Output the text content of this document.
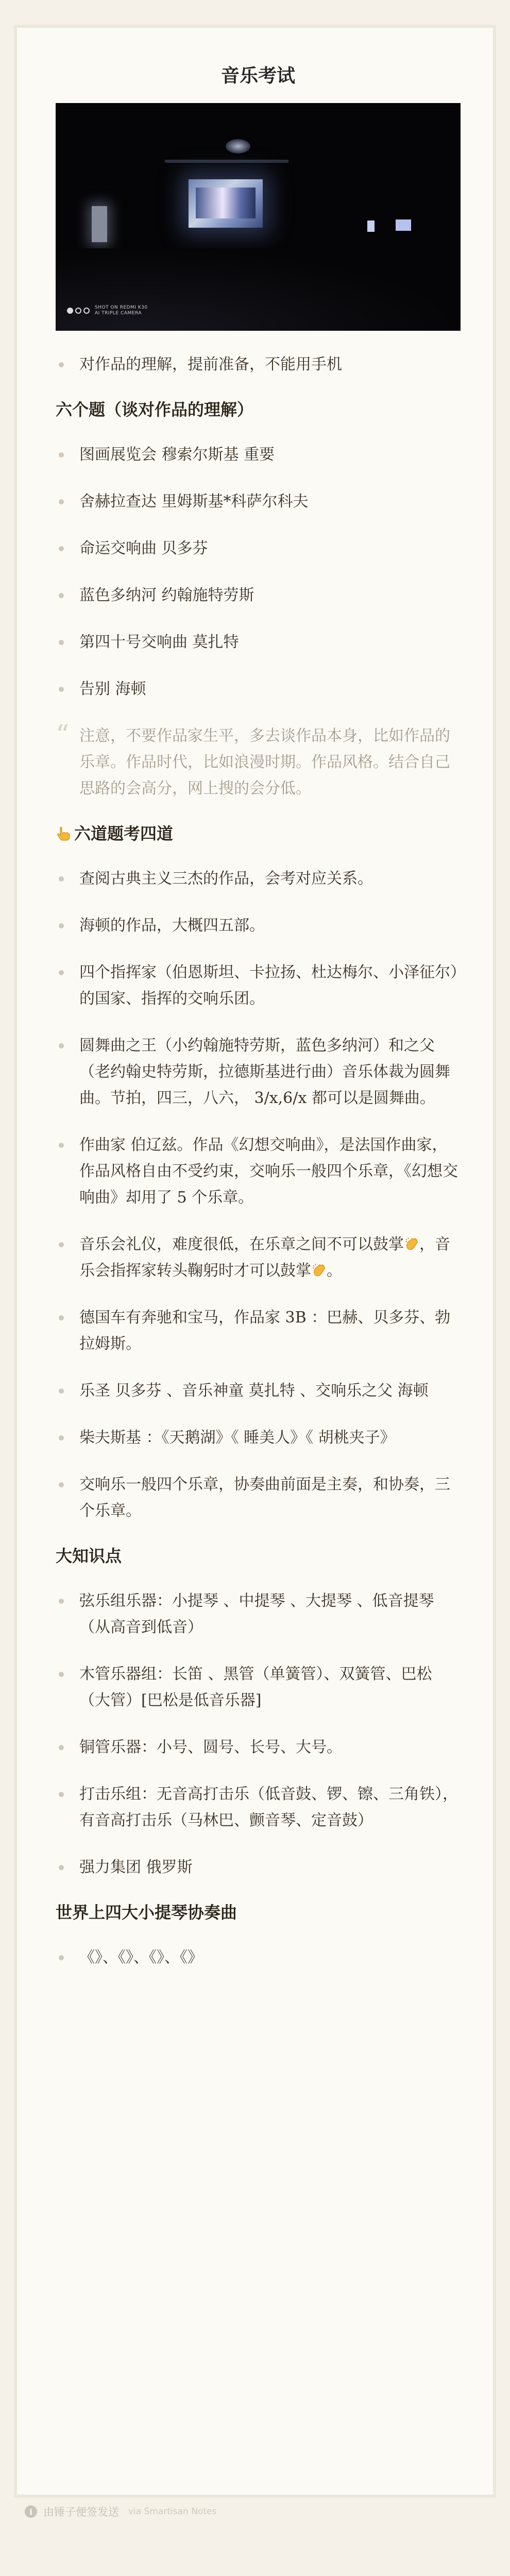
音乐考试
SHOT ON REDMI K30
AI TRIPLE CAMERA
对作品的理解，提前准备，不能用手机
六个题（谈对作品的理解）
图画展览会 穆索尔斯基 重要
舍赫拉查达 里姆斯基*科萨尔科夫
命运交响曲 贝多芬
蓝色多纳河 约翰施特劳斯
第四十号交响曲 莫扎特
告别 海顿
“ 注意，不要作品家生平，多去谈作品本身，比如作品的乐章。作品时代，比如浪漫时期。作品风格。结合自己思路的会高分，网上搜的会分低。
六道题考四道
查阅古典主义三杰的作品，会考对应关系。
海顿的作品，大概四五部。
四个指挥家（伯恩斯坦、卡拉扬、杜达梅尔、小泽征尔）的国家、指挥的交响乐团。
圆舞曲之王（小约翰施特劳斯，蓝色多纳河）和之父（老约翰史特劳斯，拉德斯基进行曲）音乐体裁为圆舞曲。节拍，四三，八六， 3/x,6/x 都可以是圆舞曲。
作曲家 伯辽兹。作品《幻想交响曲》，是法国作曲家，作品风格自由不受约束，交响乐一般四个乐章，《幻想交响曲》却用了 5 个乐章。
音乐会礼仪，难度很低，在乐章之间不可以鼓掌 ，音乐会指挥家转头鞠躬时才可以鼓掌 。
德国车有奔驰和宝马，作品家 3B ：巴赫、贝多芬、勃拉姆斯。
乐圣 贝多芬 、音乐神童 莫扎特 、交响乐之父 海顿
柴夫斯基 ：《天鹅湖》《 睡美人》《 胡桃夹子》
交响乐一般四个乐章，协奏曲前面是主奏，和协奏，三个乐章。
大知识点
弦乐组乐器：小提琴 、中提琴 、大提琴 、低音提琴（从高音到低音）
木管乐器组：长笛 、黑管（单簧管）、双簧管、巴松（大管）[巴松是低音乐器]
铜管乐器：小号、圆号、长号、大号。
打击乐组：无音高打击乐（低音鼓、锣、镲、三角铁），有音高打击乐（马林巴、颤音琴、定音鼓）
强力集团 俄罗斯
世界上四大小提琴协奏曲
《》、《》、《》、《》
i 由锤子便签发送 via Smartisan Notes
